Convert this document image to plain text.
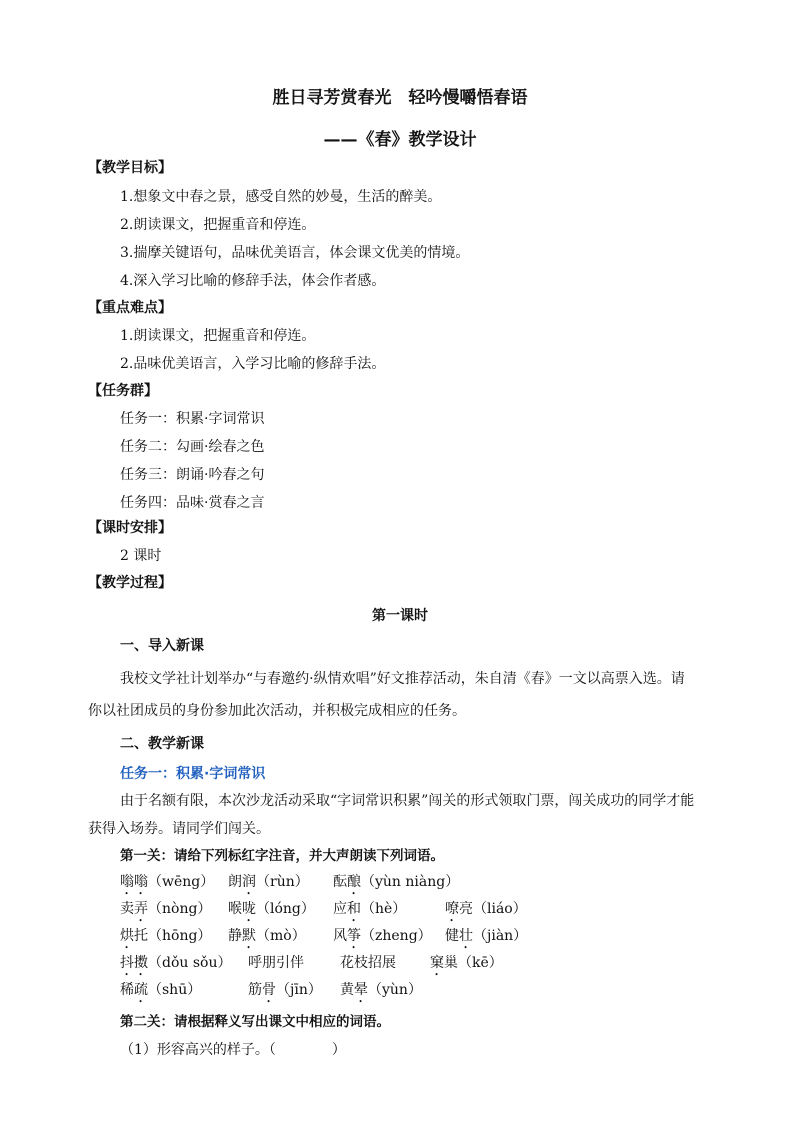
胜日寻芳赏春光　轻吟慢嚼悟春语
——《春》教学设计
【教学目标】
1.想象文中春之景，感受自然的妙曼，生活的醉美。
2.朗读课文，把握重音和停连。
3.揣摩关键语句，品味优美语言，体会课文优美的情境。
4.深入学习比喻的修辞手法，体会作者感。
【重点难点】
1.朗读课文，把握重音和停连。
2.品味优美语言，入学习比喻的修辞手法。
【任务群】
任务一：积累·字词常识
任务二：勾画·绘春之色
任务三：朗诵·吟春之句
任务四：品味·赏春之言
【课时安排】
2 课时
【教学过程】
第一课时
一、导入新课
我校文学社计划举办“与春邀约·纵情欢唱”好文推荐活动，朱自清《春》一文以高票入选。请
你以社团成员的身份参加此次活动，并积极完成相应的任务。
二、教学新课
任务一：积累·字词常识
由于名额有限，本次沙龙活动采取“字词常识积累”闯关的形式领取门票，闯关成功的同学才能
获得入场券。请同学们闯关。
第一关：请给下列标红字注音，并大声朗读下列词语。
嗡嗡（wēng） 朗润（rùn） 酝酿（yùn niàng）
卖弄（nòng） 喉咙（lóng） 应和（hè）	嘹亮（liáo）
烘托（hōng） 静默（mò） 风筝（zheng） 健壮（jiàn）
抖擞（dǒu sǒu） 呼朋引伴	花枝招展 窠巢（kē）
稀疏（shū）	筋骨（jīn） 黄晕（yùn）
第二关：请根据释义写出课文中相应的词语。
（1）形容高兴的样子。（　　　　）
